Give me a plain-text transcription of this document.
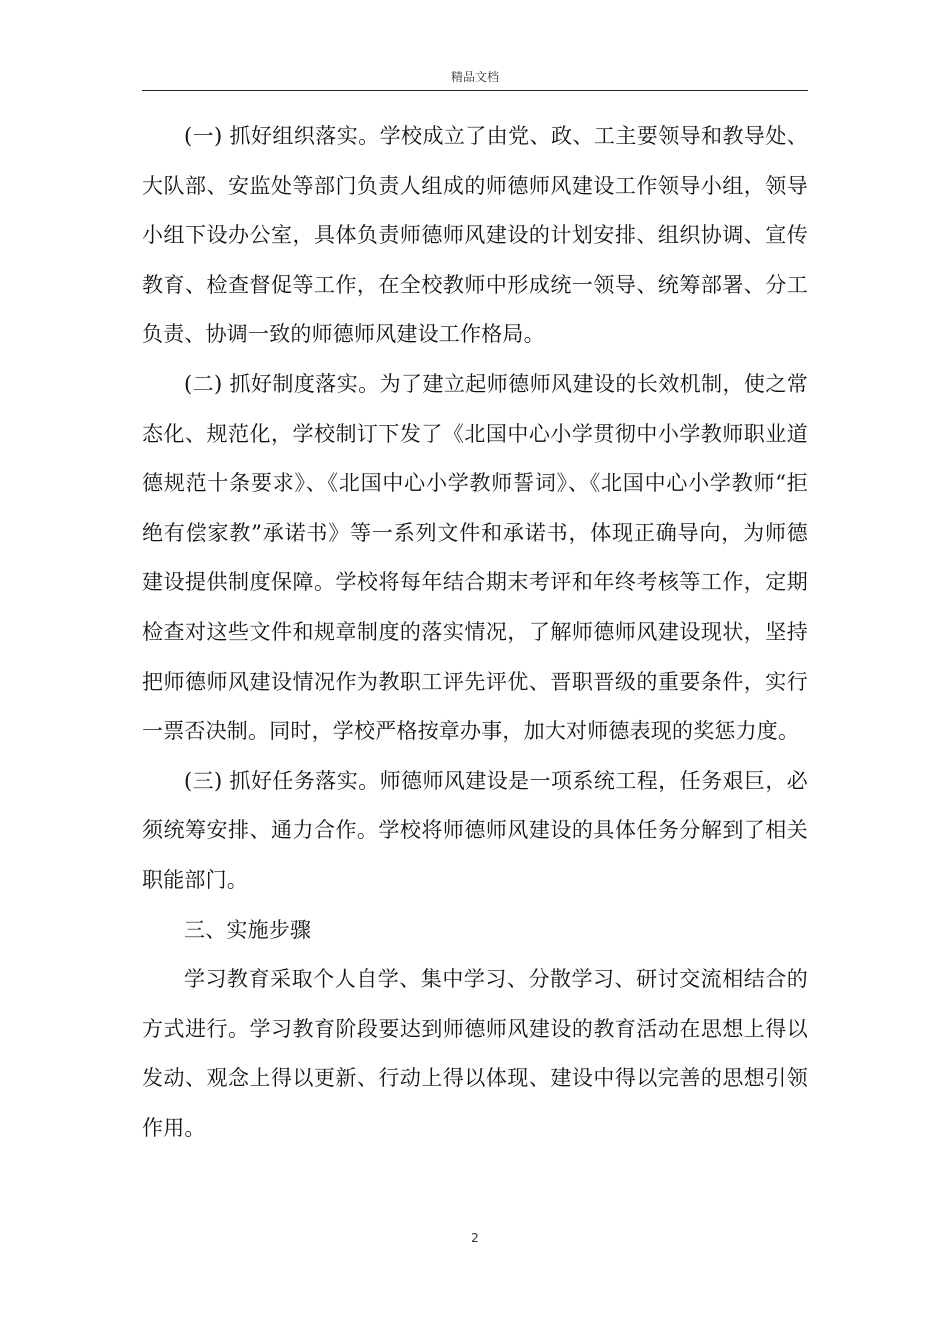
精品文档

(一) 抓好组织落实。学校成立了由党、政、工主要领导和教导处、大队部、安监处等部门负责人组成的师德师风建设工作领导小组，领导小组下设办公室，具体负责师德师风建设的计划安排、组织协调、宣传教育、检查督促等工作，在全校教师中形成统一领导、统筹部署、分工负责、协调一致的师德师风建设工作格局。

(二) 抓好制度落实。为了建立起师德师风建设的长效机制，使之常态化、规范化，学校制订下发了《北国中心小学贯彻中小学教师职业道德规范十条要求》、《北国中心小学教师誓词》、《北国中心小学教师“拒绝有偿家教”承诺书》等一系列文件和承诺书，体现正确导向，为师德建设提供制度保障。学校将每年结合期末考评和年终考核等工作，定期检查对这些文件和规章制度的落实情况，了解师德师风建设现状，坚持把师德师风建设情况作为教职工评先评优、晋职晋级的重要条件，实行一票否决制。同时，学校严格按章办事，加大对师德表现的奖惩力度。

(三) 抓好任务落实。师德师风建设是一项系统工程，任务艰巨，必须统筹安排、通力合作。学校将师德师风建设的具体任务分解到了相关职能部门。

三、实施步骤

学习教育采取个人自学、集中学习、分散学习、研讨交流相结合的方式进行。学习教育阶段要达到师德师风建设的教育活动在思想上得以发动、观念上得以更新、行动上得以体现、建设中得以完善的思想引领作用。

2
